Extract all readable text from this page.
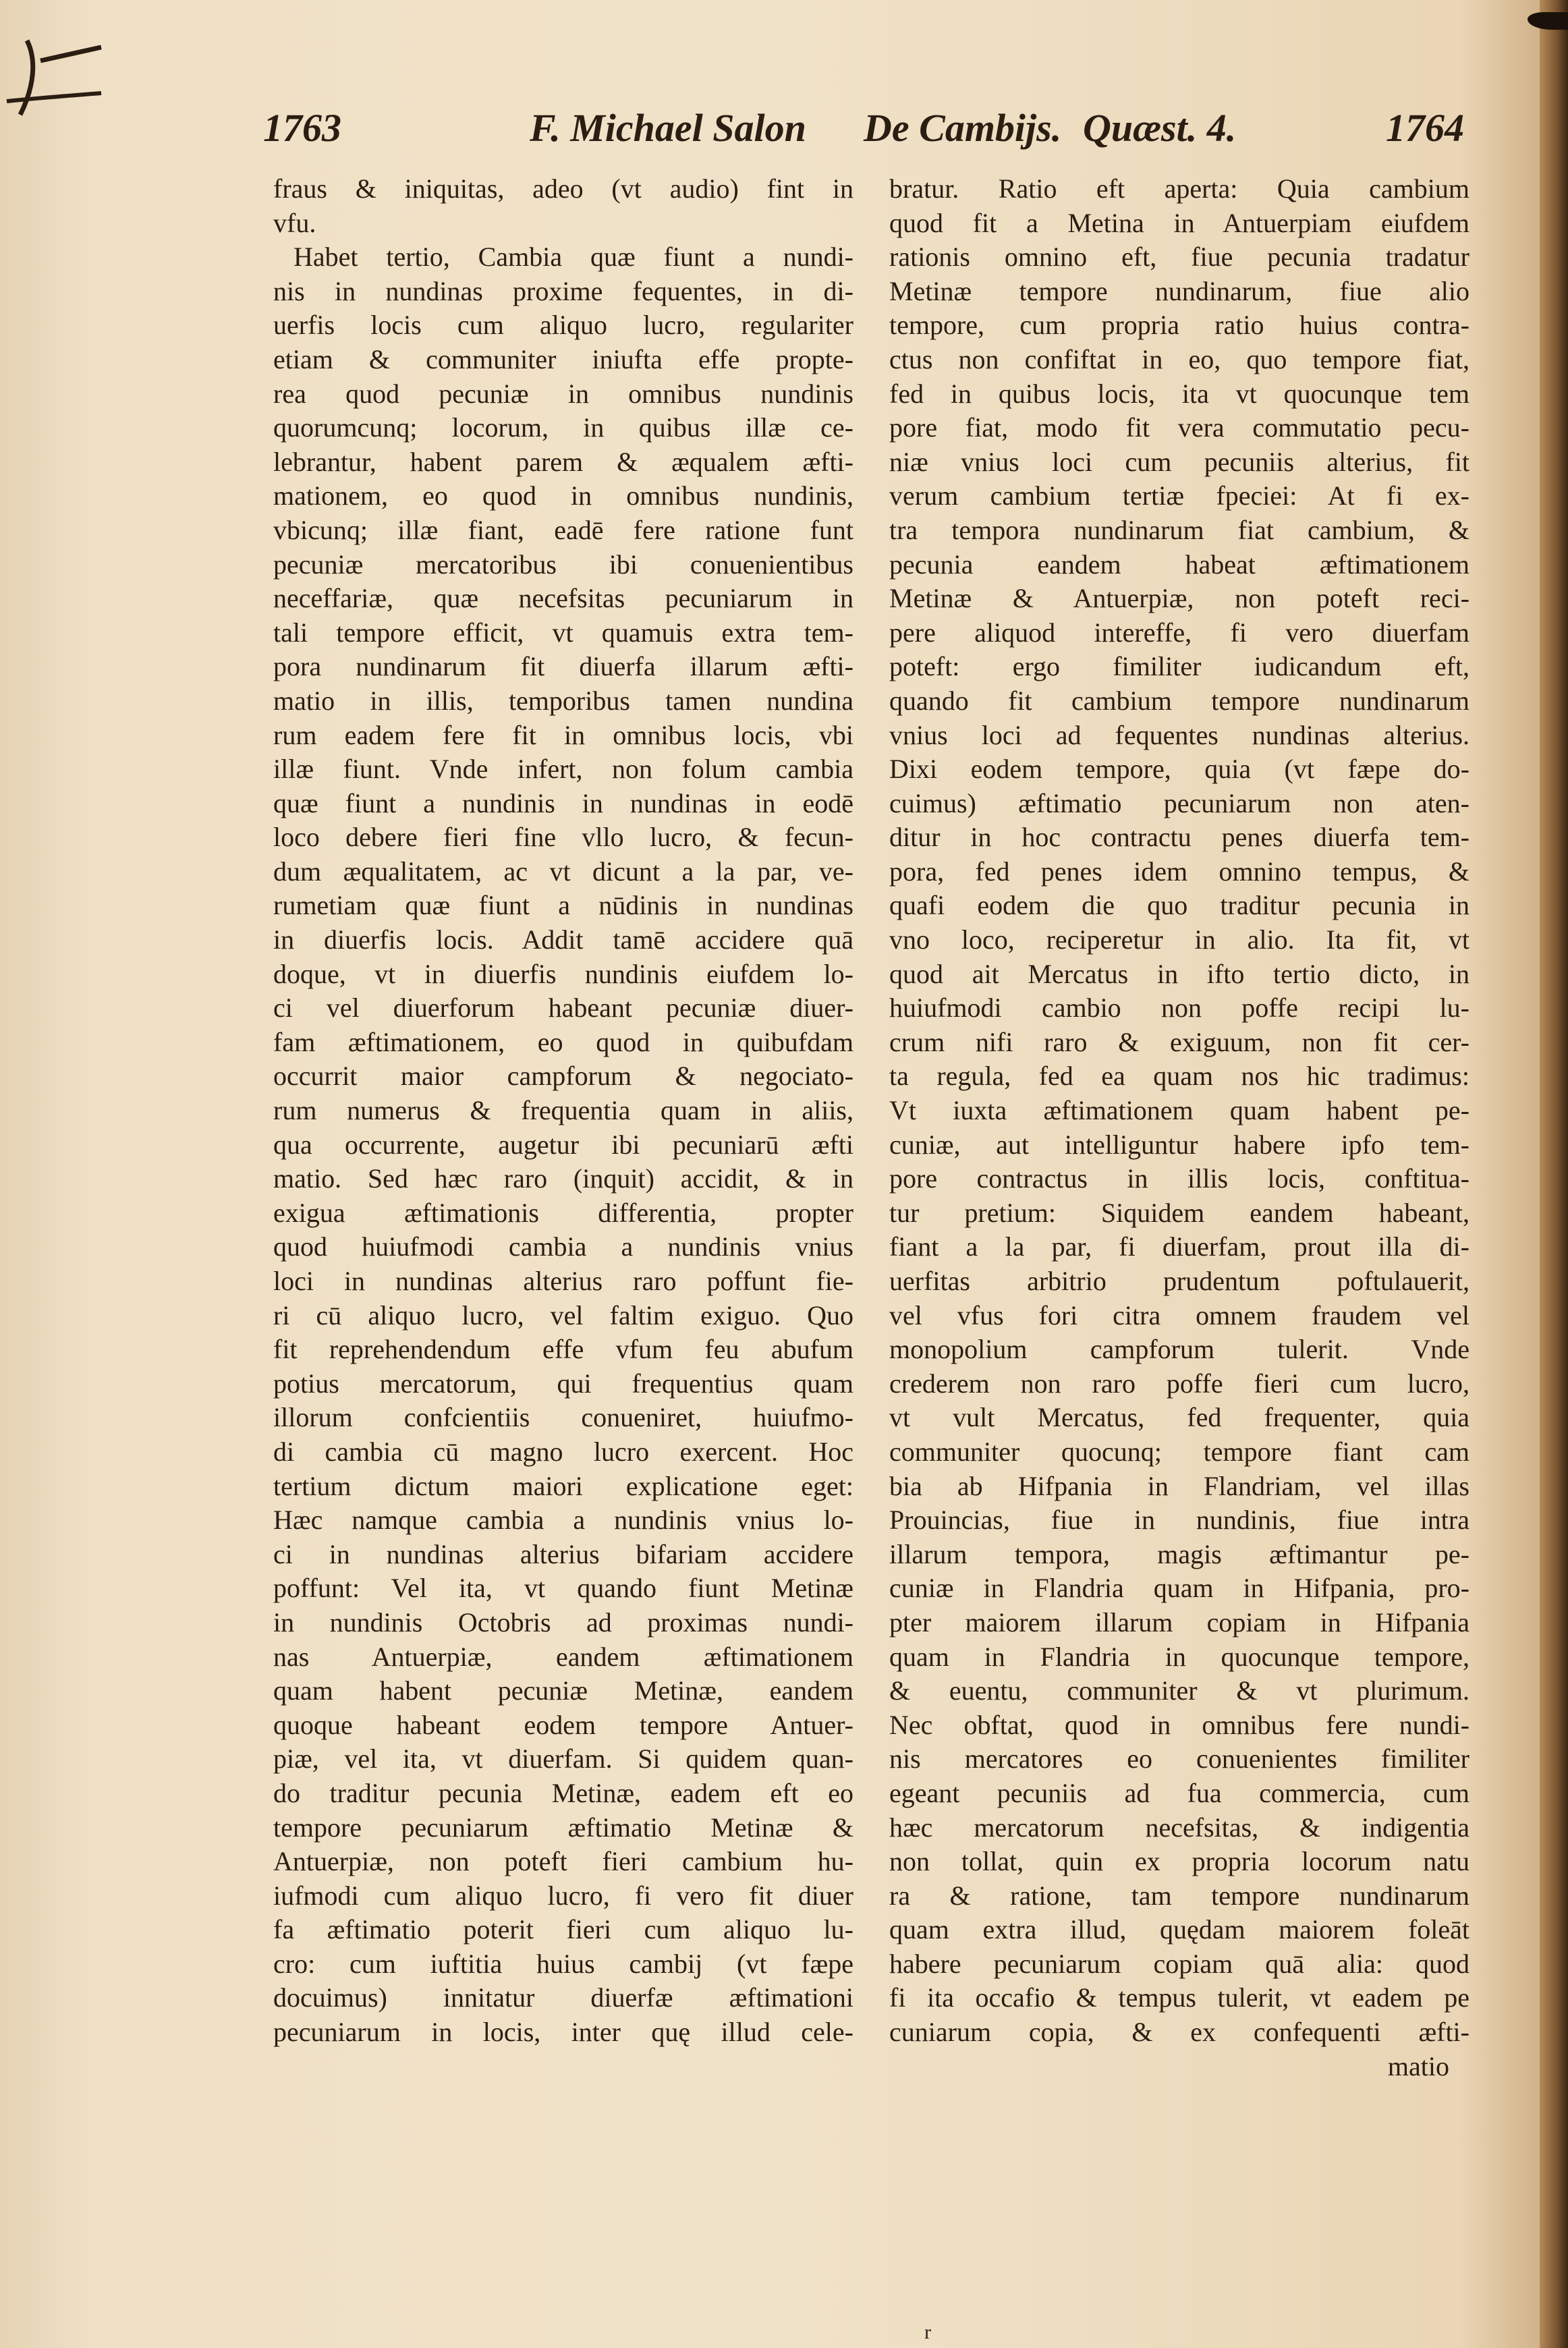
1763	F. Michael Salon De Cambijs. Quæst. 4.	1764
fraus & iniquitas, adeo (vt audio) fint in
vfu.
Habet tertio, Cambia quæ fiunt a nundi-
nis in nundinas proxime fequentes, in di-
uerfis locis cum aliquo lucro, regulariter
etiam & communiter iniufta effe propte-
rea quod pecuniæ in omnibus nundinis
quorumcunq; locorum, in quibus illæ ce-
lebrantur, habent parem & æqualem æfti-
mationem, eo quod in omnibus nundinis,
vbicunq; illæ fiant, eadē fere ratione funt
pecuniæ mercatoribus ibi conuenientibus
neceffariæ, quæ necefsitas pecuniarum in
tali tempore efficit, vt quamuis extra tem-
pora nundinarum fit diuerfa illarum æfti-
matio in illis, temporibus tamen nundina
rum eadem fere fit in omnibus locis, vbi
illæ fiunt. Vnde infert, non folum cambia
quæ fiunt a nundinis in nundinas in eodē
loco debere fieri fine vllo lucro, & fecun-
dum æqualitatem, ac vt dicunt a la par, ve-
rumetiam quæ fiunt a nūdinis in nundinas
in diuerfis locis. Addit tamē accidere quā
doque, vt in diuerfis nundinis eiufdem lo-
ci vel diuerforum habeant pecuniæ diuer-
fam æftimationem, eo quod in quibufdam
occurrit maior campforum & negociato-
rum numerus & frequentia quam in aliis,
qua occurrente, augetur ibi pecuniarū æfti
matio. Sed hæc raro (inquit) accidit, & in
exigua æftimationis differentia, propter
quod huiufmodi cambia a nundinis vnius
loci in nundinas alterius raro poffunt fie-
ri cū aliquo lucro, vel faltim exiguo. Quo
fit reprehendendum effe vfum feu abufum
potius mercatorum, qui frequentius quam
illorum confcientiis conueniret, huiufmo-
di cambia cū magno lucro exercent. Hoc
tertium dictum maiori explicatione eget:
Hæc namque cambia a nundinis vnius lo-
ci in nundinas alterius bifariam accidere
poffunt: Vel ita, vt quando fiunt Metinæ
in nundinis Octobris ad proximas nundi-
nas Antuerpiæ, eandem æftimationem
quam habent pecuniæ Metinæ, eandem
quoque habeant eodem tempore Antuer-
piæ, vel ita, vt diuerfam. Si quidem quan-
do traditur pecunia Metinæ, eadem eft eo
tempore pecuniarum æftimatio Metinæ &
Antuerpiæ, non poteft fieri cambium hu-
iufmodi cum aliquo lucro, fi vero fit diuer
fa æftimatio poterit fieri cum aliquo lu-
cro: cum iuftitia huius cambij (vt fæpe
docuimus) innitatur diuerfæ æftimationi
pecuniarum in locis, inter quę illud cele-
bratur. Ratio eft aperta: Quia cambium
quod fit a Metina in Antuerpiam eiufdem
rationis omnino eft, fiue pecunia tradatur
Metinæ tempore nundinarum, fiue alio
tempore, cum propria ratio huius contra-
ctus non confiftat in eo, quo tempore fiat,
fed in quibus locis, ita vt quocunque tem
pore fiat, modo fit vera commutatio pecu-
niæ vnius loci cum pecuniis alterius, fit
verum cambium tertiæ fpeciei: At fi ex-
tra tempora nundinarum fiat cambium, &
pecunia eandem habeat æftimationem
Metinæ & Antuerpiæ, non poteft reci-
pere aliquod intereffe, fi vero diuerfam
poteft: ergo fimiliter iudicandum eft,
quando fit cambium tempore nundinarum
vnius loci ad fequentes nundinas alterius.
Dixi eodem tempore, quia (vt fæpe do-
cuimus) æftimatio pecuniarum non aten-
ditur in hoc contractu penes diuerfa tem-
pora, fed penes idem omnino tempus, &
quafi eodem die quo traditur pecunia in
vno loco, reciperetur in alio. Ita fit, vt
quod ait Mercatus in ifto tertio dicto, in
huiufmodi cambio non poffe recipi lu-
crum nifi raro & exiguum, non fit cer-
ta regula, fed ea quam nos hic tradimus:
Vt iuxta æftimationem quam habent pe-
cuniæ, aut intelliguntur habere ipfo tem-
pore contractus in illis locis, conftitua-
tur pretium: Siquidem eandem habeant,
fiant a la par, fi diuerfam, prout illa di-
uerfitas arbitrio prudentum poftulauerit,
vel vfus fori citra omnem fraudem vel
monopolium campforum tulerit. Vnde
crederem non raro poffe fieri cum lucro,
vt vult Mercatus, fed frequenter, quia
communiter quocunq; tempore fiant cam
bia ab Hifpania in Flandriam, vel illas
Prouincias, fiue in nundinis, fiue intra
illarum tempora, magis æftimantur pe-
cuniæ in Flandria quam in Hifpania, pro-
pter maiorem illarum copiam in Hifpania
quam in Flandria in quocunque tempore,
& euentu, communiter & vt plurimum.
Nec obftat, quod in omnibus fere nundi-
nis mercatores eo conuenientes fimiliter
egeant pecuniis ad fua commercia, cum
hæc mercatorum necefsitas, & indigentia
non tollat, quin ex propria locorum natu
ra & ratione, tam tempore nundinarum
quam extra illud, quędam maiorem foleāt
habere pecuniarum copiam quā alia: quod
fi ita occafio & tempus tulerit, vt eadem pe
cuniarum copia, & ex confequenti æfti-
matio
r
